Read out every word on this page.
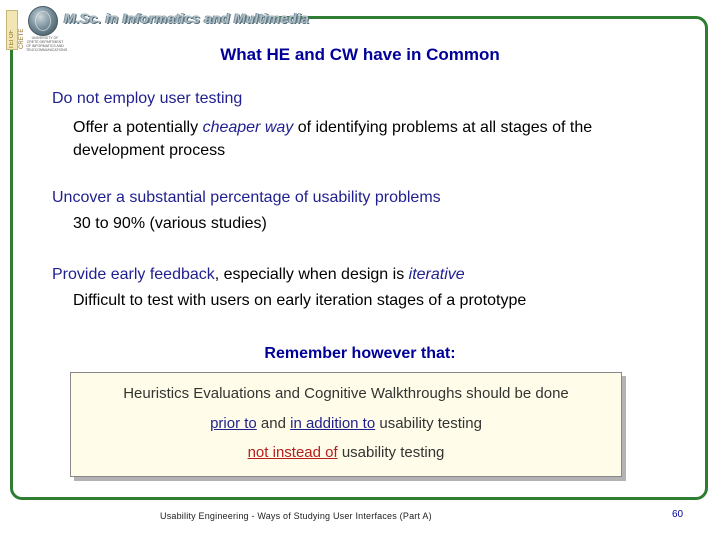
TEI OF CRETE	UNIVERSITY OF CRETE DEPARTMENT OF INFORMATICS AND TELECOMMUNICATIONS
M.Sc. in Informatics and Multimedia
What HE and CW have in Common
Do not employ user testing
Offer a potentially cheaper way of identifying problems at all stages of the development process
Uncover a substantial percentage of usability problems
30 to 90% (various studies)
Provide early feedback, especially when design is iterative
Difficult to test with users on early iteration stages of a prototype
Remember however that:
Heuristics Evaluations and Cognitive Walkthroughs should be done
prior to and in addition to usability testing
not instead of usability testing
Usability Engineering - Ways of Studying User Interfaces (Part A)	60
